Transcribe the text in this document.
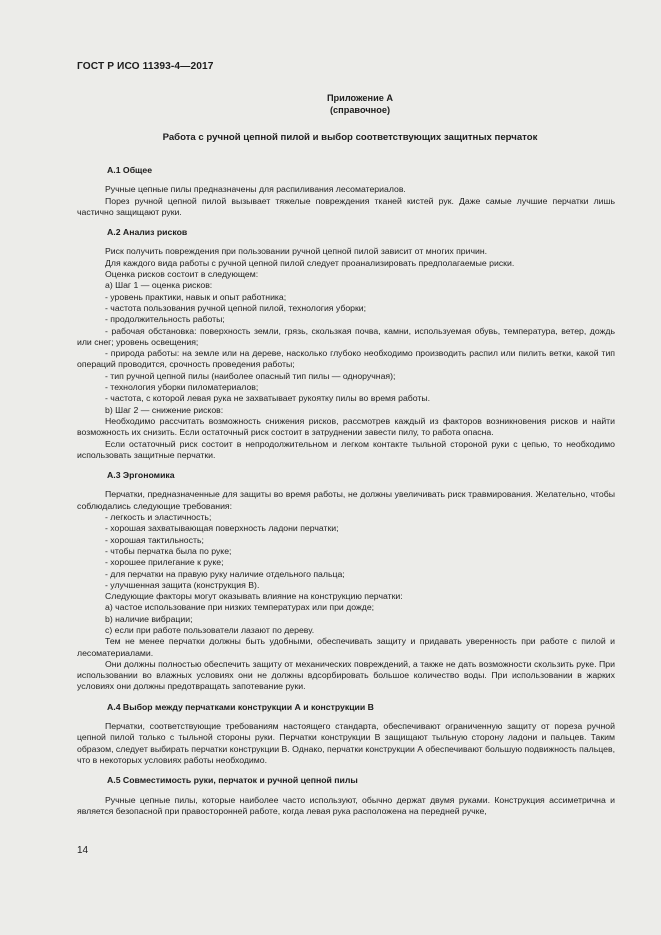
ГОСТ Р ИСО 11393-4—2017
Приложение А
(справочное)
Работа с ручной цепной пилой и выбор соответствующих защитных перчаток
А.1 Общее

Ручные цепные пилы предназначены для распиливания лесоматериалов.

Порез ручной цепной пилой вызывает тяжелые повреждения тканей кистей рук. Даже самые лучшие перчатки лишь частично защищают руки.

А.2 Анализ рисков

Риск получить повреждения при пользовании ручной цепной пилой зависит от многих причин.

Для каждого вида работы с ручной цепной пилой следует проанализировать предполагаемые риски.

Оценка рисков состоит в следующем:

а) Шаг 1 — оценка рисков:

- уровень практики, навык и опыт работника;

- частота пользования ручной цепной пилой, технология уборки;

- продолжительность работы;

- рабочая обстановка: поверхность земли, грязь, скользкая почва, камни, используемая обувь, температура, ветер, дождь или снег; уровень освещения;

- природа работы: на земле или на дереве, насколько глубоко необходимо производить распил или пилить ветки, какой тип операций проводится, срочность проведения работы;

- тип ручной цепной пилы (наиболее опасный тип пилы — одноручная);

- технология уборки пиломатериалов;

- частота, с которой левая рука не захватывает рукоятку пилы во время работы.

b) Шаг 2 — снижение рисков:

Необходимо рассчитать возможность снижения рисков, рассмотрев каждый из факторов возникновения рисков и найти возможность их снизить. Если остаточный риск состоит в затруднении завести пилу, то работа опасна.

Если остаточный риск состоит в непродолжительном и легком контакте тыльной стороной руки с цепью, то необходимо использовать защитные перчатки.

А.3 Эргономика

Перчатки, предназначенные для защиты во время работы, не должны увеличивать риск травмирования. Желательно, чтобы соблюдались следующие требования:

- легкость и эластичность;

- хорошая захватывающая поверхность ладони перчатки;

- хорошая тактильность;

- чтобы перчатка была по руке;

- хорошее прилегание к руке;

- для перчатки на правую руку наличие отдельного пальца;

- улучшенная защита (конструкция В).

Следующие факторы могут оказывать влияние на конструкцию перчатки:

а) частое использование при низких температурах или при дожде;

b) наличие вибрации;

c) если при работе пользователи лазают по дереву.

Тем не менее перчатки должны быть удобными, обеспечивать защиту и придавать уверенность при работе с пилой и лесоматериалами.

Они должны полностью обеспечить защиту от механических повреждений, а также не дать возможности скользить руке. При использовании во влажных условиях они не должны вдсорбировать большое количество воды. При использовании в жарких условиях они должны предотвращать запотевание руки.

А.4 Выбор между перчатками конструкции А и конструкции В

Перчатки, соответствующие требованиям настоящего стандарта, обеспечивают ограниченную защиту от пореза ручной цепной пилой только с тыльной стороны руки. Перчатки конструкции В защищают тыльную сторону ладони и пальцев. Таким образом, следует выбирать перчатки конструкции В. Однако, перчатки конструкции А обеспечивают большую подвижность пальцев, что в некоторых условиях работы необходимо.

А.5 Совместимость руки, перчаток и ручной цепной пилы

Ручные цепные пилы, которые наиболее часто используют, обычно держат двумя руками. Конструкция ассиметрична и является безопасной при правосторонней работе, когда левая рука расположена на передней ручке,

14
